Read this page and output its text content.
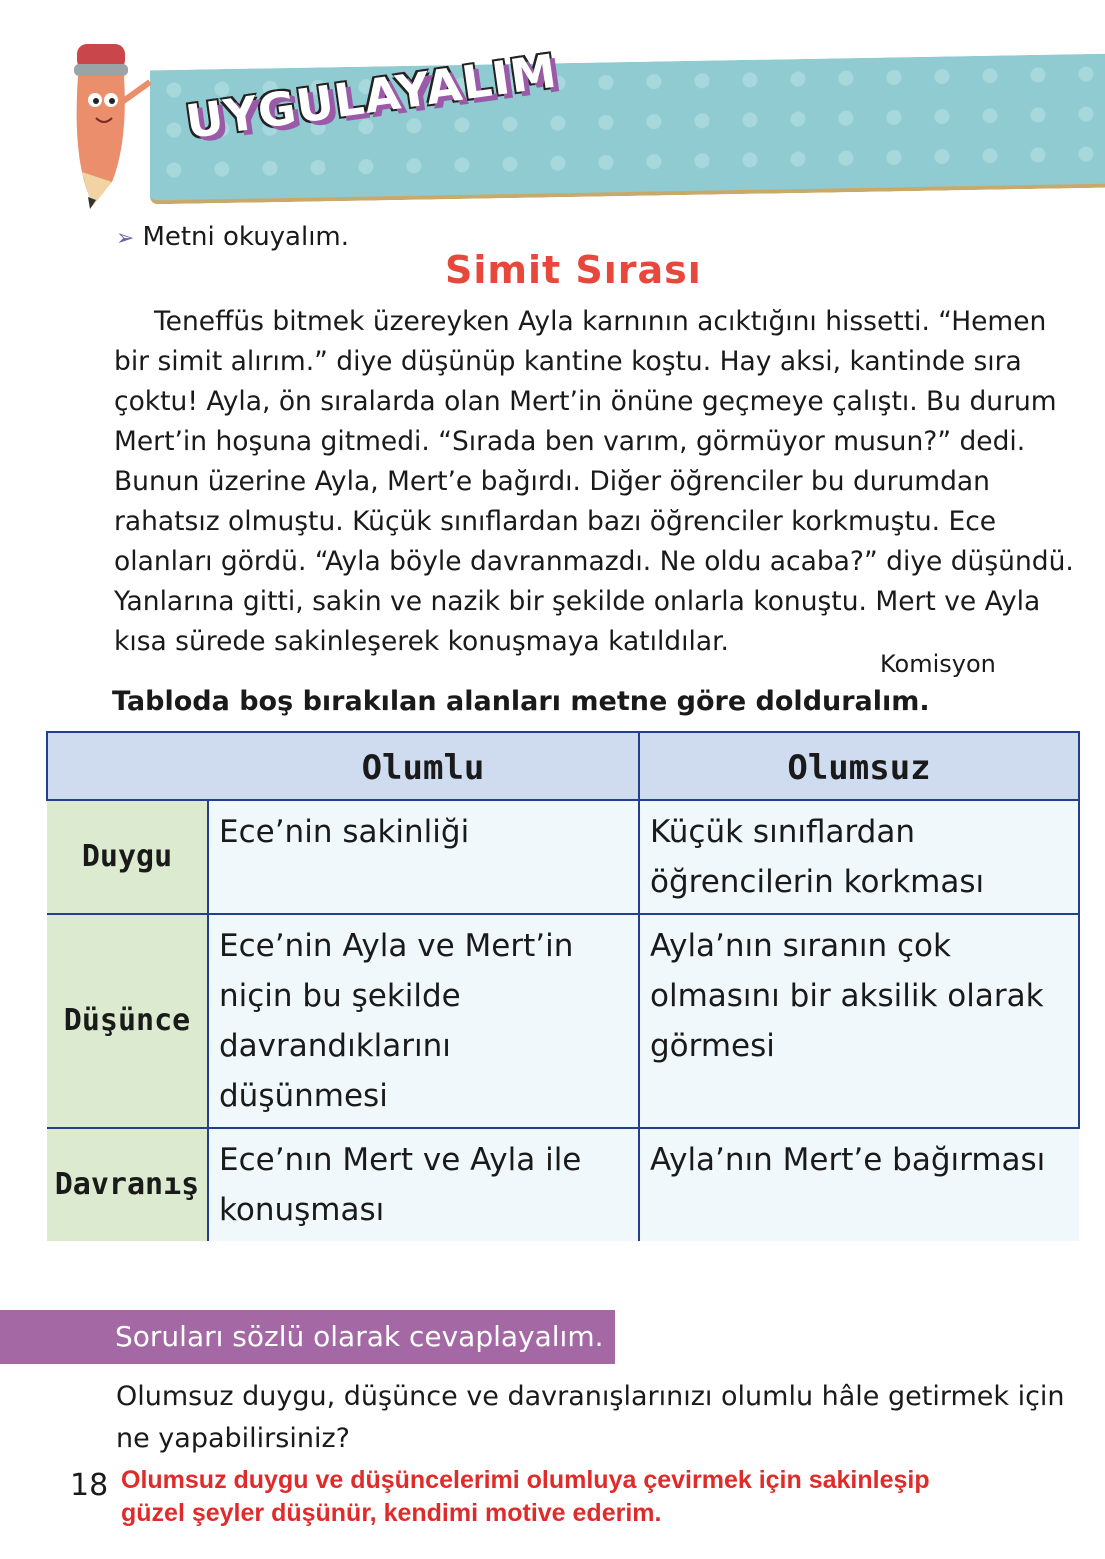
UYGULAYALIM
➢ Metni okuyalım.
Simit Sırası
Teneffüs bitmek üzereyken Ayla karnının acıktığını hissetti. “Hemen
bir simit alırım.” diye düşünüp kantine koştu. Hay aksi, kantinde sıra
çoktu! Ayla, ön sıralarda olan Mert’in önüne geçmeye çalıştı. Bu durum
Mert’in hoşuna gitmedi. “Sırada ben varım, görmüyor musun?” dedi.
Bunun üzerine Ayla, Mert’e bağırdı. Diğer öğrenciler bu durumdan
rahatsız olmuştu. Küçük sınıflardan bazı öğrenciler korkmuştu. Ece
olanları gördü. “Ayla böyle davranmazdı. Ne oldu acaba?” diye düşündü.
Yanlarına gitti, sakin ve nazik bir şekilde onlarla konuştu. Mert ve Ayla
kısa sürede sakinleşerek konuşmaya katıldılar.
Komisyon
Tabloda boş bırakılan alanları metne göre dolduralım.
	Olumlu	Olumsuz
Duygu	Ece’nin sakinliği	Küçük sınıflardan öğrencilerin korkması
Düşünce	Ece’nin Ayla ve Mert’in niçin bu şekilde davrandıklarını düşünmesi	Ayla’nın sıranın çok olmasını bir aksilik olarak görmesi
Davranış	Ece’nın Mert ve Ayla ile konuşması	Ayla’nın Mert’e bağırması
Soruları sözlü olarak cevaplayalım.
Olumsuz duygu, düşünce ve davranışlarınızı olumlu hâle getirmek için ne yapabilirsiniz?
18 Olumsuz duygu ve düşüncelerimi olumluya çevirmek için sakinleşip
güzel şeyler düşünür, kendimi motive ederim.
